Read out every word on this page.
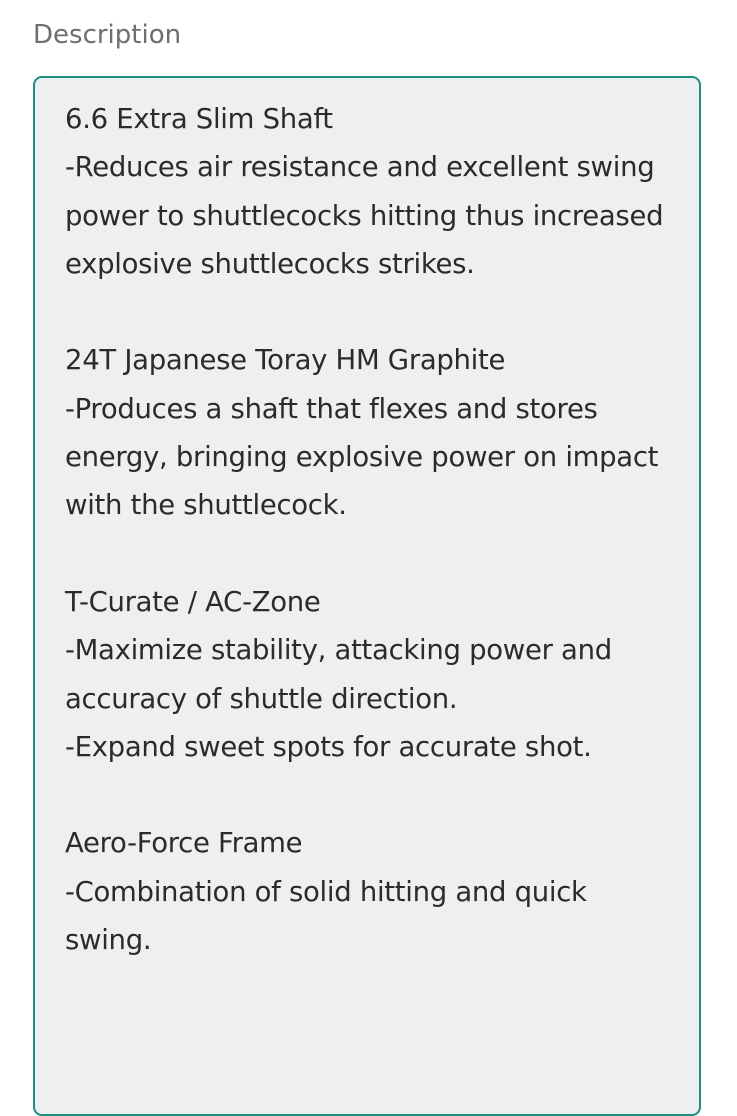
Description

6.6 Extra Slim Shaft
-Reduces air resistance and excellent swing power to shuttlecocks hitting thus increased explosive shuttlecocks strikes.

24T Japanese Toray HM Graphite
-Produces a shaft that flexes and stores energy, bringing explosive power on impact with the shuttlecock.

T-Curate / AC-Zone
-Maximize stability, attacking power and accuracy of shuttle direction.
-Expand sweet spots for accurate shot.

Aero-Force Frame
-Combination of solid hitting and quick swing.
